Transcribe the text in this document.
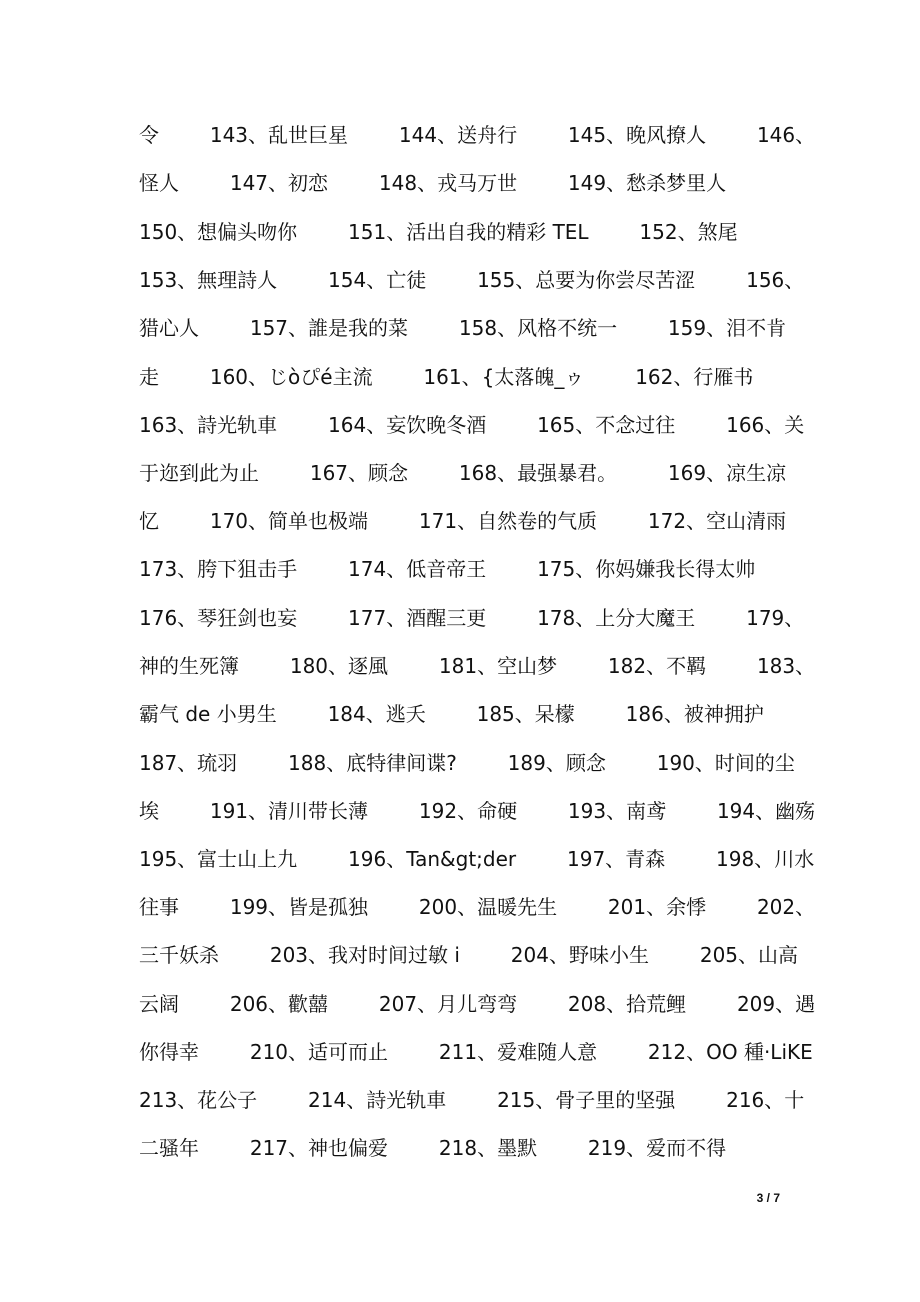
令        143、乱世巨星        144、送舟行        145、晚风撩人        146、
怪人        147、初恋        148、戎马万世        149、愁杀梦里人
150、想偏头吻你        151、活出自我的精彩 TEL        152、煞尾
153、無理詩人        154、亡徒        155、总要为你尝尽苦涩        156、
猎心人        157、誰是我的菜        158、风格不统一        159、泪不肯
走        160、じòぴé主流        161、{太落魄_ゥ        162、行雁书
163、詩光轨車        164、妄饮晚冬酒        165、不念过往        166、关
于迩到此为止        167、顾念        168、最强暴君。        169、凉生凉
忆        170、简单也极端        171、自然卷的气质        172、空山清雨
173、胯下狙击手        174、低音帝王        175、你妈嫌我长得太帅
176、琴狂剑也妄        177、酒醒三更        178、上分大魔王        179、
神的生死簿        180、逐風        181、空山梦        182、不羁        183、
霸气 de 小男生        184、逃夭        185、呆檬        186、被神拥护
187、琉羽        188、底特律间谍?        189、顾念        190、时间的尘
埃        191、清川带长薄        192、命硬        193、南鸢        194、幽殇
195、富士山上九        196、Tan&gt;der        197、青森        198、川水
往事        199、皆是孤独        200、温暖先生        201、余悸        202、
三千妖杀        203、我对时间过敏 i        204、野味小生        205、山高
云阔        206、歡囍        207、月儿弯弯        208、拾荒鲤        209、遇
你得幸        210、适可而止        211、爱难随人意        212、OO 種·LiKE
213、花公子        214、詩光轨車        215、骨子里的坚强        216、十
二骚年        217、神也偏爱        218、墨默        219、爱而不得
3 / 7
